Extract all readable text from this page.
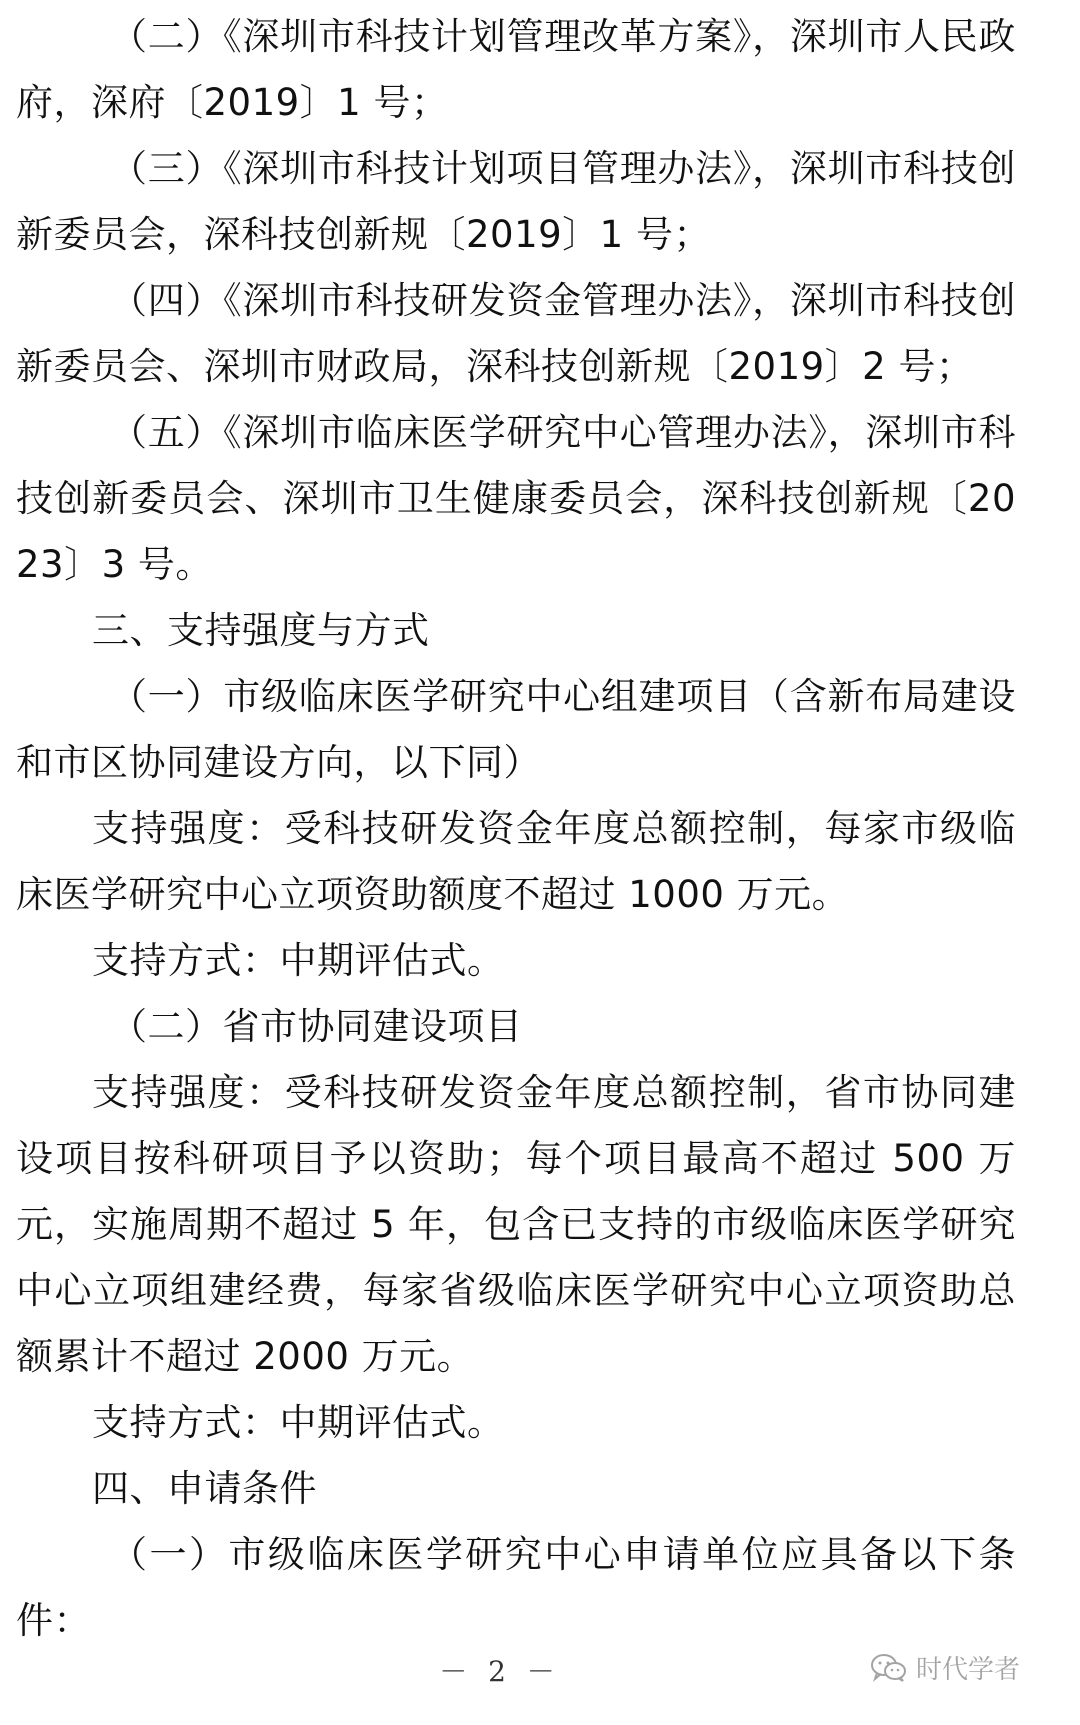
（二）《深圳市科技计划管理改革方案》，深圳市人民政府，深府〔2019〕1 号；

（三）《深圳市科技计划项目管理办法》，深圳市科技创新委员会，深科技创新规〔2019〕1 号；

（四）《深圳市科技研发资金管理办法》，深圳市科技创新委员会、深圳市财政局，深科技创新规〔2019〕2 号；

（五）《深圳市临床医学研究中心管理办法》，深圳市科技创新委员会、深圳市卫生健康委员会，深科技创新规〔2023〕3 号。

三、支持强度与方式

（一）市级临床医学研究中心组建项目（含新布局建设和市区协同建设方向，以下同）

支持强度：受科技研发资金年度总额控制，每家市级临床医学研究中心立项资助额度不超过 1000 万元。

支持方式：中期评估式。

（二）省市协同建设项目

支持强度：受科技研发资金年度总额控制，省市协同建设项目按科研项目予以资助；每个项目最高不超过 500 万元，实施周期不超过 5 年，包含已支持的市级临床医学研究中心立项组建经费，每家省级临床医学研究中心立项资助总额累计不超过 2000 万元。

支持方式：中期评估式。

四、申请条件

（一）市级临床医学研究中心申请单位应具备以下条件：

－ 2 －	时代学者
